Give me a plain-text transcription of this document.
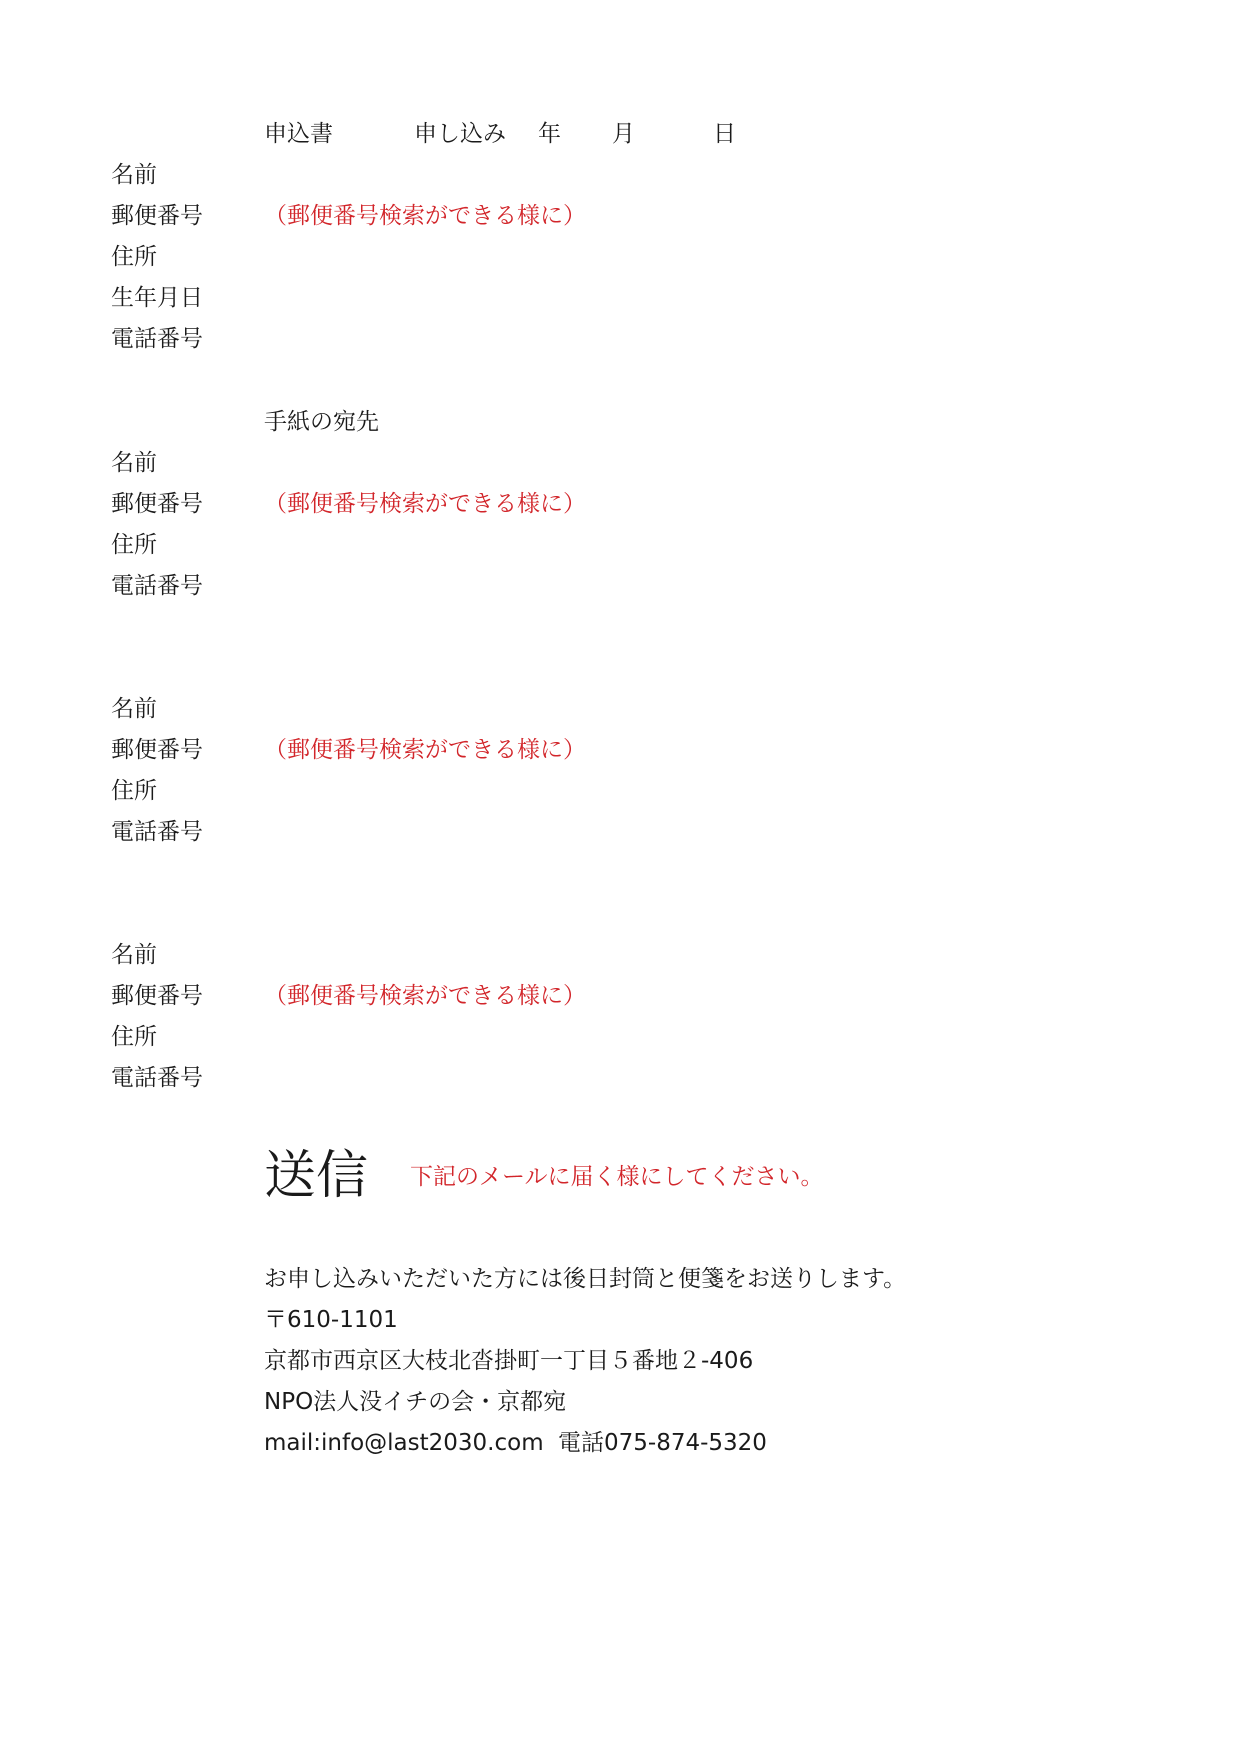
申込書	申し込み 年 月	日
名前
郵便番号	（郵便番号検索ができる様に）
住所
生年月日
電話番号
手紙の宛先
名前
郵便番号	（郵便番号検索ができる様に）
住所
電話番号
名前
郵便番号	（郵便番号検索ができる様に）
住所
電話番号
名前
郵便番号	（郵便番号検索ができる様に）
住所
電話番号
送信 下記のメールに届く様にしてください。
お申し込みいただいた方には後日封筒と便箋をお送りします。
〒610-1101
京都市西京区大枝北沓掛町一丁目５番地２-406
NPO法人没イチの会・京都宛
mail:info@last2030.com 電話075-874-5320
